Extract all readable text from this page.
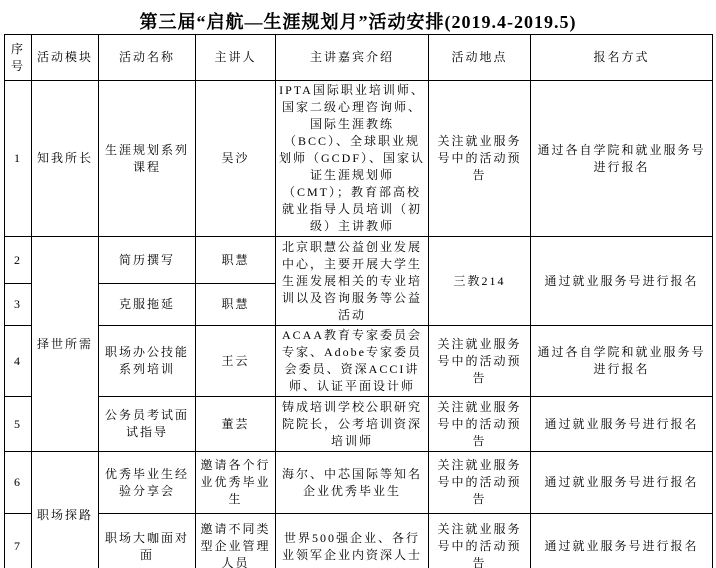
第三届“启航—生涯规划月”活动安排(2019.4-2019.5)
序号	活动模块	活动名称	主讲人	主讲嘉宾介绍	活动地点	报名方式
1	知我所长	生涯规划系列课程	吴沙	IPTA国际职业培训师、国家二级心理咨询师、国际生涯教练（BCC）、全球职业规划师（GCDF）、国家认证生涯规划师（CMT）；教育部高校就业指导人员培训（初级）主讲教师	关注就业服务号中的活动预告	通过各自学院和就业服务号进行报名
2	择世所需	简历撰写	职慧	北京职慧公益创业发展中心，主要开展大学生生涯发展相关的专业培训以及咨询服务等公益活动	三教214	通过就业服务号进行报名
3		克服拖延	职慧			
4		职场办公技能系列培训	王云	ACAA教育专家委员会专家、Adobe专家委员会委员、资深ACCI讲师、认证平面设计师	关注就业服务号中的活动预告	通过各自学院和就业服务号进行报名
5		公务员考试面试指导	董芸	铸成培训学校公职研究院院长，公考培训资深培训师	关注就业服务号中的活动预告	通过就业服务号进行报名
6	职场探路	优秀毕业生经验分享会	邀请各个行业优秀毕业生	海尔、中芯国际等知名企业优秀毕业生	关注就业服务号中的活动预告	通过就业服务号进行报名
7		职场大咖面对面	邀请不同类型企业管理人员	世界500强企业、各行业领军企业内资深人士	关注就业服务号中的活动预告	通过就业服务号进行报名
